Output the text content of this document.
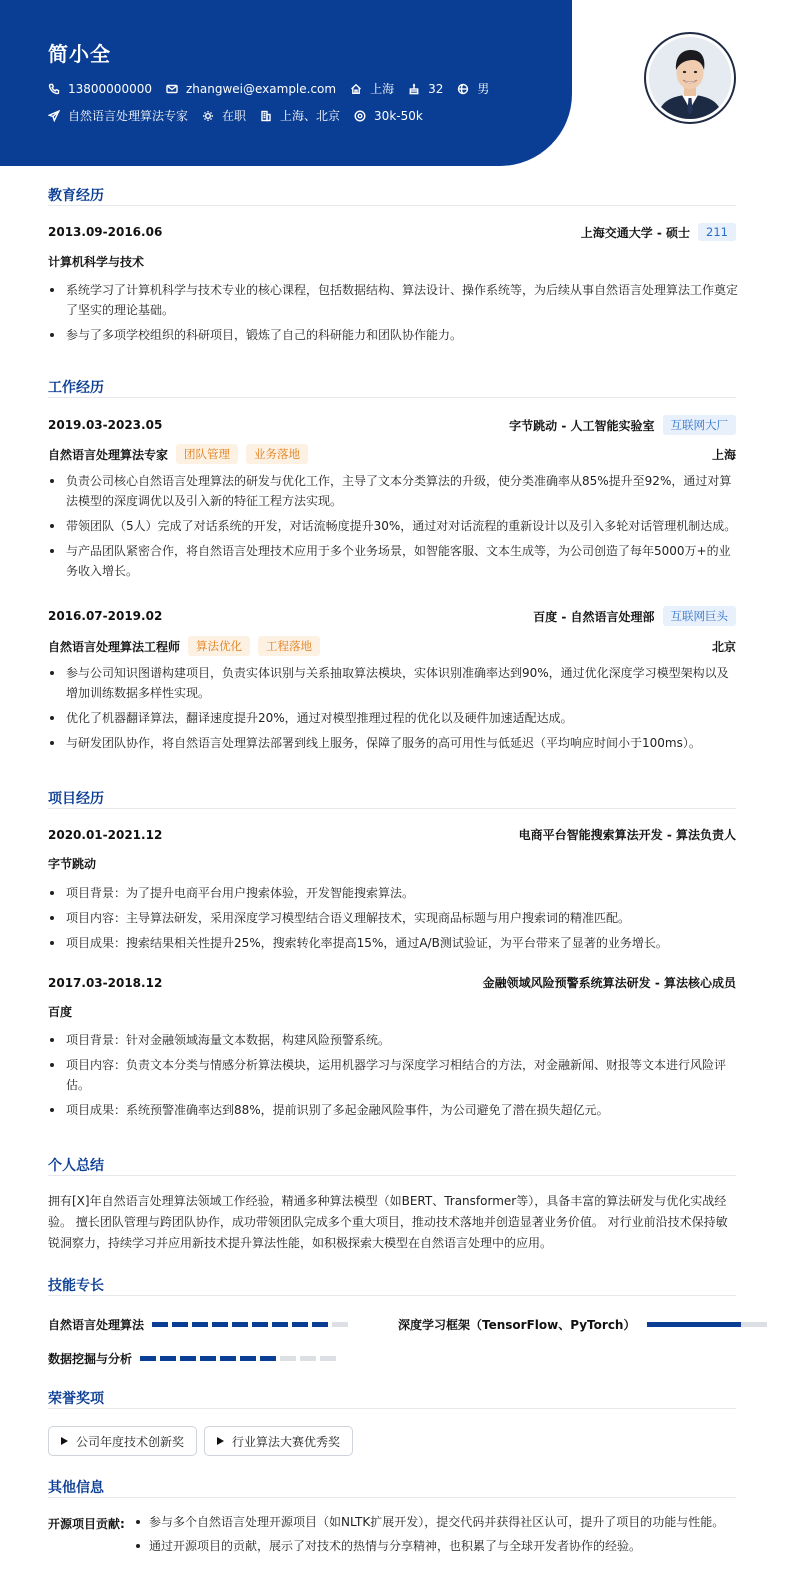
简小全
13800000000	zhangwei@example.com	上海	32	男
自然语言处理算法专家	在职	上海、北京	30k-50k
教育经历
2013.09-2016.06	上海交通大学 - 硕士	211
计算机科学与技术
系统学习了计算机科学与技术专业的核心课程，包括数据结构、算法设计、操作系统等，为后续从事自然语言处理算法工作奠定了坚实的理论基础。
参与了多项学校组织的科研项目，锻炼了自己的科研能力和团队协作能力。
工作经历
2019.03-2023.05	字节跳动 - 人工智能实验室	互联网大厂
自然语言处理算法专家	团队管理	业务落地	上海
负责公司核心自然语言处理算法的研发与优化工作，主导了文本分类算法的升级，使分类准确率从85%提升至92%，通过对算法模型的深度调优以及引入新的特征工程方法实现。
带领团队（5人）完成了对话系统的开发，对话流畅度提升30%，通过对对话流程的重新设计以及引入多轮对话管理机制达成。
与产品团队紧密合作，将自然语言处理技术应用于多个业务场景，如智能客服、文本生成等，为公司创造了每年5000万+的业务收入增长。
2016.07-2019.02	百度 - 自然语言处理部	互联网巨头
自然语言处理算法工程师	算法优化	工程落地	北京
参与公司知识图谱构建项目，负责实体识别与关系抽取算法模块，实体识别准确率达到90%，通过优化深度学习模型架构以及增加训练数据多样性实现。
优化了机器翻译算法，翻译速度提升20%，通过对模型推理过程的优化以及硬件加速适配达成。
与研发团队协作，将自然语言处理算法部署到线上服务，保障了服务的高可用性与低延迟（平均响应时间小于100ms）。
项目经历
2020.01-2021.12	电商平台智能搜索算法开发 - 算法负责人
字节跳动
项目背景：为了提升电商平台用户搜索体验，开发智能搜索算法。
项目内容：主导算法研发，采用深度学习模型结合语义理解技术，实现商品标题与用户搜索词的精准匹配。
项目成果：搜索结果相关性提升25%，搜索转化率提高15%，通过A/B测试验证，为平台带来了显著的业务增长。
2017.03-2018.12	金融领域风险预警系统算法研发 - 算法核心成员
百度
项目背景：针对金融领域海量文本数据，构建风险预警系统。
项目内容：负责文本分类与情感分析算法模块，运用机器学习与深度学习相结合的方法，对金融新闻、财报等文本进行风险评估。
项目成果：系统预警准确率达到88%，提前识别了多起金融风险事件，为公司避免了潜在损失超亿元。
个人总结
拥有[X]年自然语言处理算法领域工作经验，精通多种算法模型（如BERT、Transformer等），具备丰富的算法研发与优化实战经验。 擅长团队管理与跨团队协作，成功带领团队完成多个重大项目，推动技术落地并创造显著业务价值。 对行业前沿技术保持敏锐洞察力，持续学习并应用新技术提升算法性能，如积极探索大模型在自然语言处理中的应用。
技能专长
自然语言处理算法	深度学习框架（TensorFlow、PyTorch）
数据挖掘与分析
荣誉奖项
公司年度技术创新奖	行业算法大赛优秀奖
其他信息
开源项目贡献:	参与多个自然语言处理开源项目（如NLTK扩展开发），提交代码并获得社区认可，提升了项目的功能与性能。
通过开源项目的贡献，展示了对技术的热情与分享精神，也积累了与全球开发者协作的经验。
